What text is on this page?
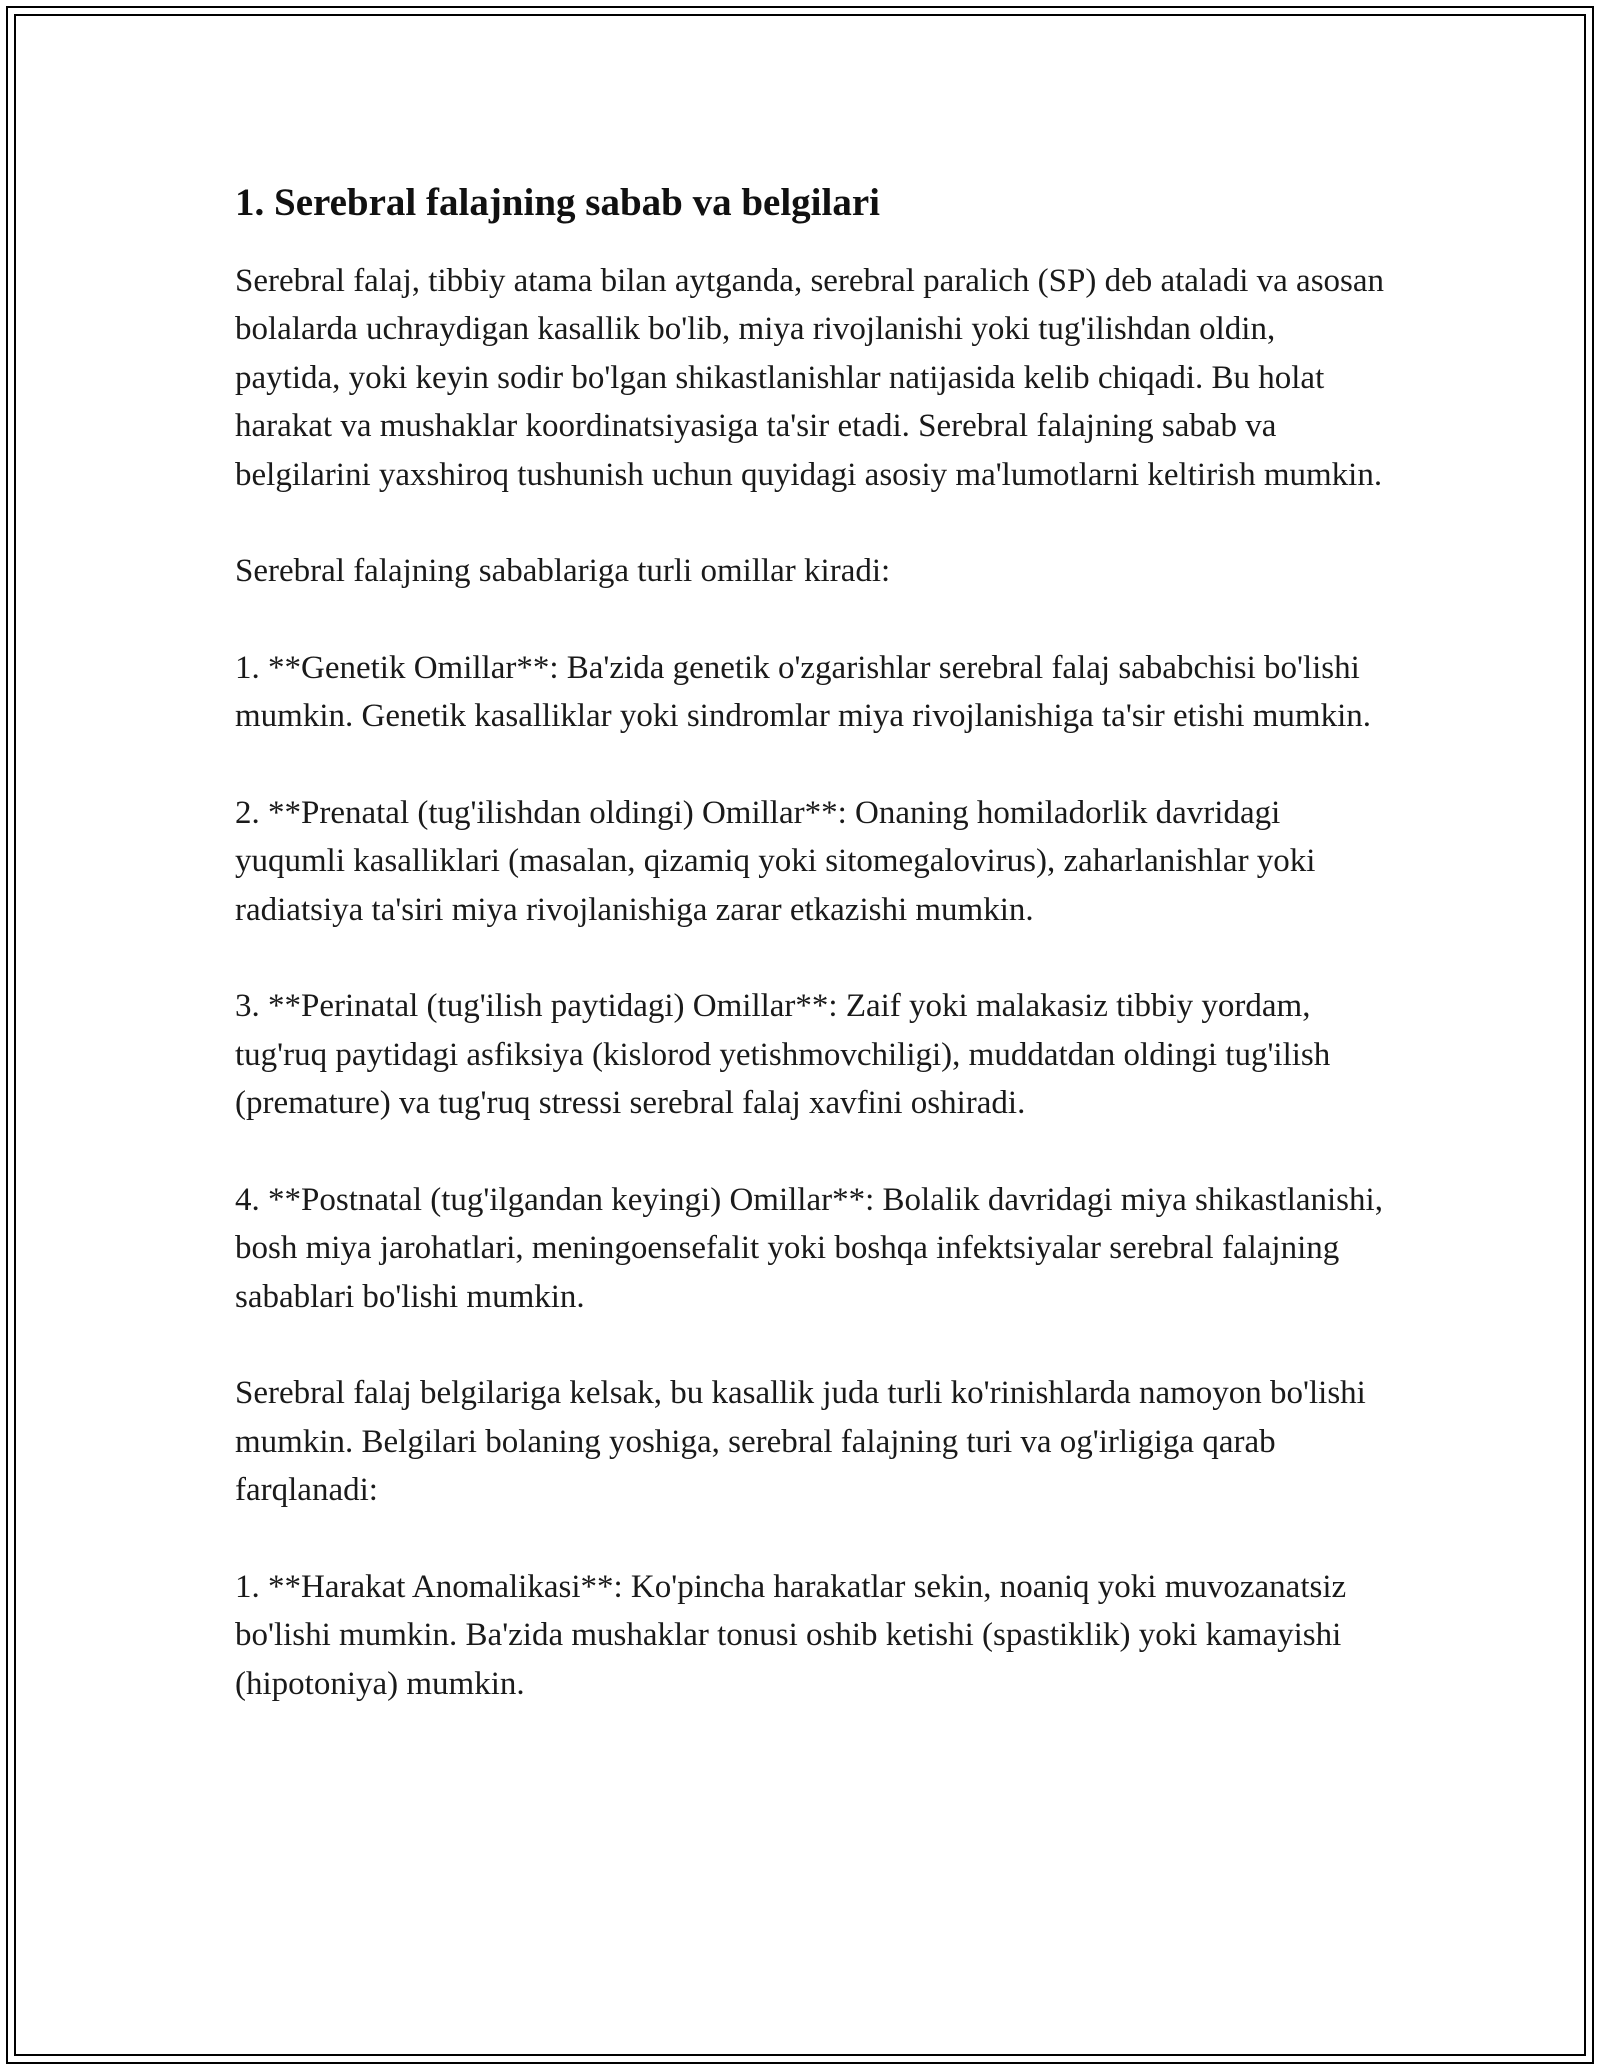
1. Serebral falajning sabab va belgilari

Serebral falaj, tibbiy atama bilan aytganda, serebral paralich (SP) deb ataladi va asosan bolalarda uchraydigan kasallik bo'lib, miya rivojlanishi yoki tug'ilishdan oldin, paytida, yoki keyin sodir bo'lgan shikastlanishlar natijasida kelib chiqadi. Bu holat harakat va mushaklar koordinatsiyasiga ta'sir etadi. Serebral falajning sabab va belgilarini yaxshiroq tushunish uchun quyidagi asosiy ma'lumotlarni keltirish mumkin.

Serebral falajning sabablariga turli omillar kiradi:

1. **Genetik Omillar**: Ba'zida genetik o'zgarishlar serebral falaj sababchisi bo'lishi mumkin. Genetik kasalliklar yoki sindromlar miya rivojlanishiga ta'sir etishi mumkin.

2. **Prenatal (tug'ilishdan oldingi) Omillar**: Onaning homiladorlik davridagi yuqumli kasalliklari (masalan, qizamiq yoki sitomegalovirus), zaharlanishlar yoki radiatsiya ta'siri miya rivojlanishiga zarar etkazishi mumkin.

3. **Perinatal (tug'ilish paytidagi) Omillar**: Zaif yoki malakasiz tibbiy yordam, tug'ruq paytidagi asfiksiya (kislorod yetishmovchiligi), muddatdan oldingi tug'ilish (premature) va tug'ruq stressi serebral falaj xavfini oshiradi.

4. **Postnatal (tug'ilgandan keyingi) Omillar**: Bolalik davridagi miya shikastlanishi, bosh miya jarohatlari, meningoensefalit yoki boshqa infektsiyalar serebral falajning sabablari bo'lishi mumkin.

Serebral falaj belgilariga kelsak, bu kasallik juda turli ko'rinishlarda namoyon bo'lishi mumkin. Belgilari bolaning yoshiga, serebral falajning turi va og'irligiga qarab farqlanadi:

1. **Harakat Anomalikasi**: Ko'pincha harakatlar sekin, noaniq yoki muvozanatsiz bo'lishi mumkin. Ba'zida mushaklar tonusi oshib ketishi (spastiklik) yoki kamayishi (hipotoniya) mumkin.
